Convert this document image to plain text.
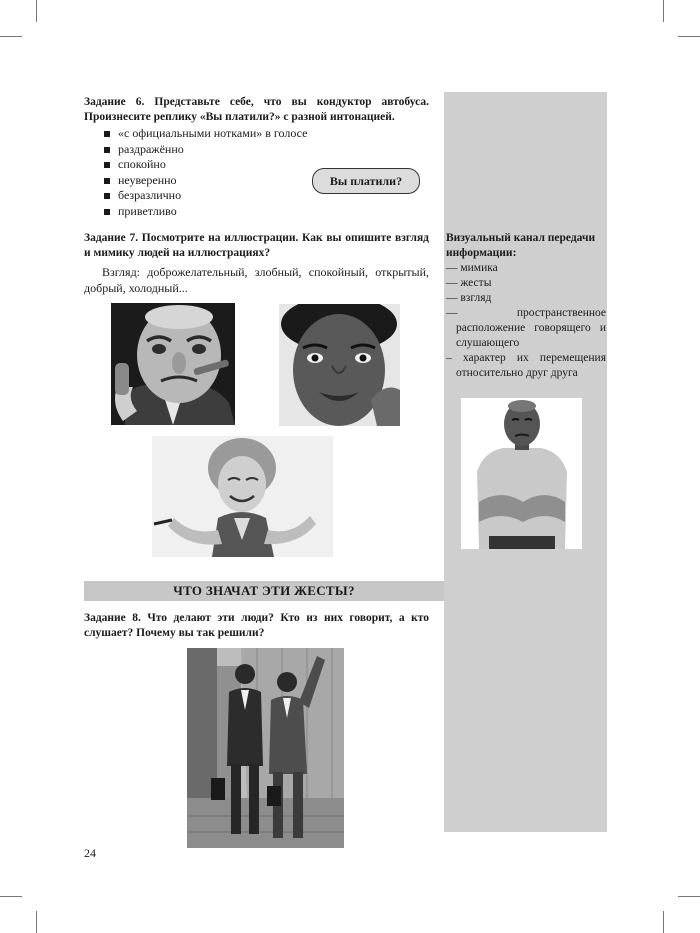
Задание 6. Представьте себе, что вы кондуктор автобуса. Произнесите реплику «Вы платили?» с разной интонацией.
«с официальными нотками» в голосе
раздражённо
спокойно
неуверенно
безразлично
приветливо
Вы платили?
Задание 7. Посмотрите на иллюстрации. Как вы опишите взгляд и мимику людей на иллюстрациях?
Взгляд: доброжелательный, злобный, спокойный, открытый, добрый, холодный...
Визуальный канал передачи информации:
— мимика
— жесты
— взгляд
— пространственное расположение говорящего и слушающего
– характер их перемещения относительно друг друга
ЧТО ЗНАЧАТ ЭТИ ЖЕСТЫ?
Задание 8. Что делают эти люди? Кто из них говорит, а кто слушает? Почему вы так решили?
24
